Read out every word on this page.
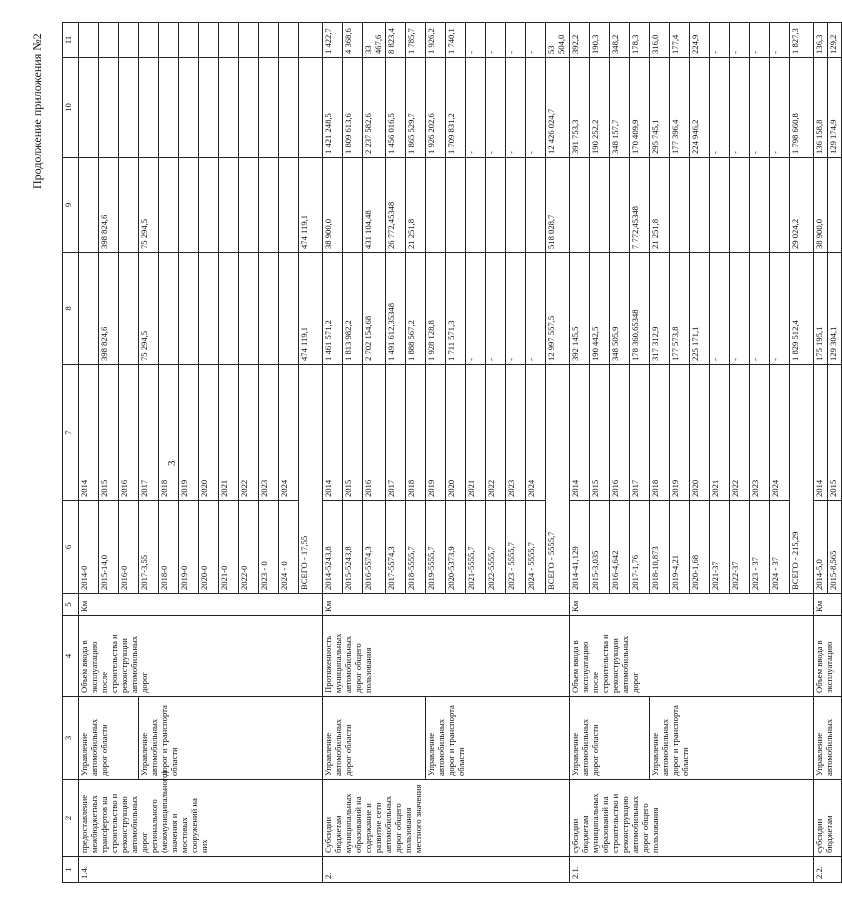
3
Продолжение приложения №2
1	2	3	4	5	6	7	8	9	10	11	
1.4.	предоставление межбюджетных трансфертов на строительство и реконструкцию автомобильных дорог регионального (межмуниципального) значения и мостовых сооружений на них	Управление автомобильных дорог области	Объем ввода в эксплуатацию после строительства и реконструкции автомобильных дорог	Км	2014-0	2014					
					2015-14,0	2015	398 824,6	398 824,6			
					2016-0	2016					
		Управление автомобильных дорог и транспорта области			2017-3,55	2017	75 294,5	75 294,5			
					2018-0	2018					
					2019-0	2019					
					2020-0	2020					
					2021-0	2021					
					2022-0	2022					
					2023 - 0	2023					
					2024 - 0	2024					
					ВСЕГО - 17,55		474 119,1	474 119,1			
2.	Субсидии бюджетам муниципальных образований на содержание и развитие сети автомобильных дорог общего пользования местного значения	Управление автомобильных дорог области	Протяженность муниципальных автомобильных дорог общего пользования	Км	2014-5243,8	2014	1 461 571,2	38 900,0	1 421 248,5	1 422,7	
					2015-5243,8	2015	1 813 982,2		1 809 613,6	4 368,6	
					2016-5574,3	2016	2 702 154,68	431 104,48	2 237 582,6	33 467,6	
					2017-5574,3	2017	1 491 612,35348	26 772,45348	1 456 016,5	8 823,4	
					2018-5555,7	2018	1 888 567,2	21 251,8	1 865 529,7	1 785,7	
		Управление автомобильных дорог и транспорта области			2019-5555,7	2019	1 928 128,8		1 926 202,6	1 926,2	
					2020-5373,9	2020	1 711 571,3		1 709 831,2	1 740,1	
					2021-5555,7	2021	-		-	-	
					2022-5555,7	2022	-		-	-	
					2023 - 5555,7	2023	-		-	-	
					2024 - 5555,7	2024	-		-	-	
					ВСЕГО - 5555,7		12 997 557,5	518 028,7	12 426 024,7	53 504,0	
2.1.	субсидии бюджетам муниципальных образований на строительство и реконструкцию автомобильных дорог общего пользования	Управление автомобильных дорог области	Объем ввода в эксплуатацию после строительства и реконструкции автомобильных дорог	Км	2014-41,129	2014	392 145,5		391 753,3	392,2	
					2015-3,035	2015	190 442,5		190 252,2	190,3	
					2016-4,642	2016	348 505,9		348 157,7	348,2	
					2017-1,76	2017	178 360,65348	7 772,45348	170 409,9	178,3	
		Управление автомобильных дорог и транспорта области			2018-10,873	2018	317 312,9	21 251,8	295 745,1	316,0	
					2019-4,21	2019	177 573,8		177 396,4	177,4	
					2020-1,68	2020	225 171,1		224 946,2	224,9	
					2021-37	2021	-		-	-	
					2022-37	2022	-		-	-	
					2023 - 37	2023	-		-	-	
					2024 - 37	2024	-		-	-	
					ВСЕГО - 215,29		1 829 512,4	29 024,2	1 798 660,8	1 827,3	
2.2.	субсидии бюджетам	Управление автомобильных	Объем ввода в эксплуатацию	Км	2014-5,0	2014	175 195,1	38 900,0	136 158,8	136,3	
					2015-8,565	2015	129 304,1		129 174,9	129,2	
